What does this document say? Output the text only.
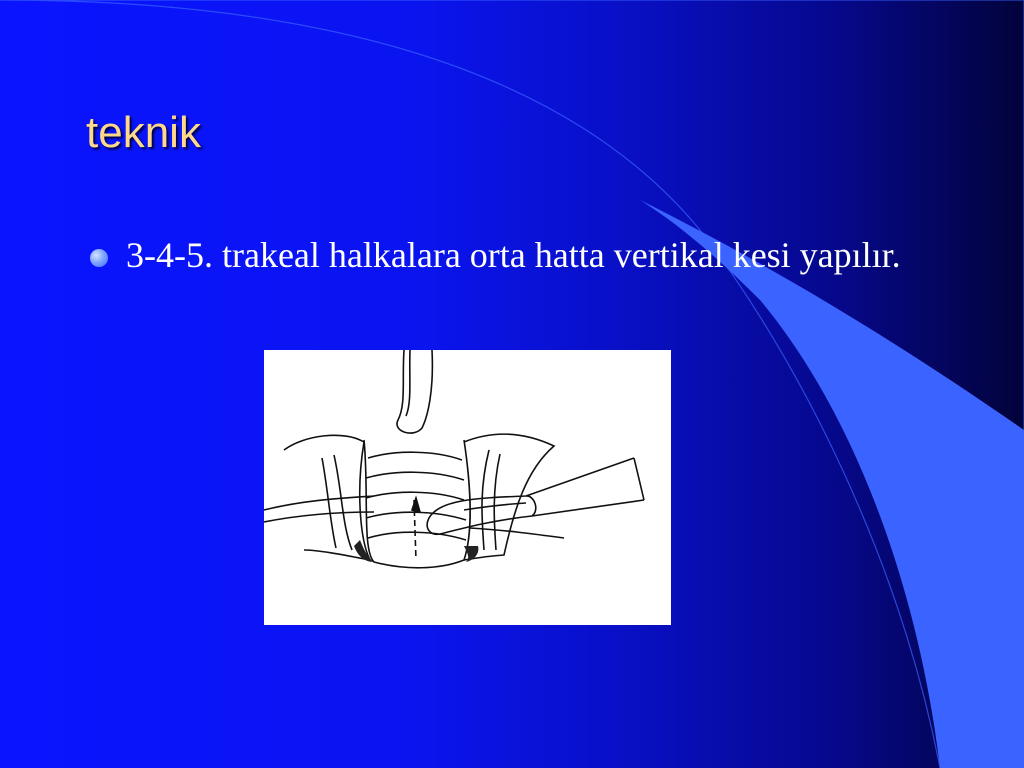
teknik
3-4-5. trakeal halkalara orta hatta vertikal kesi yapılır.
